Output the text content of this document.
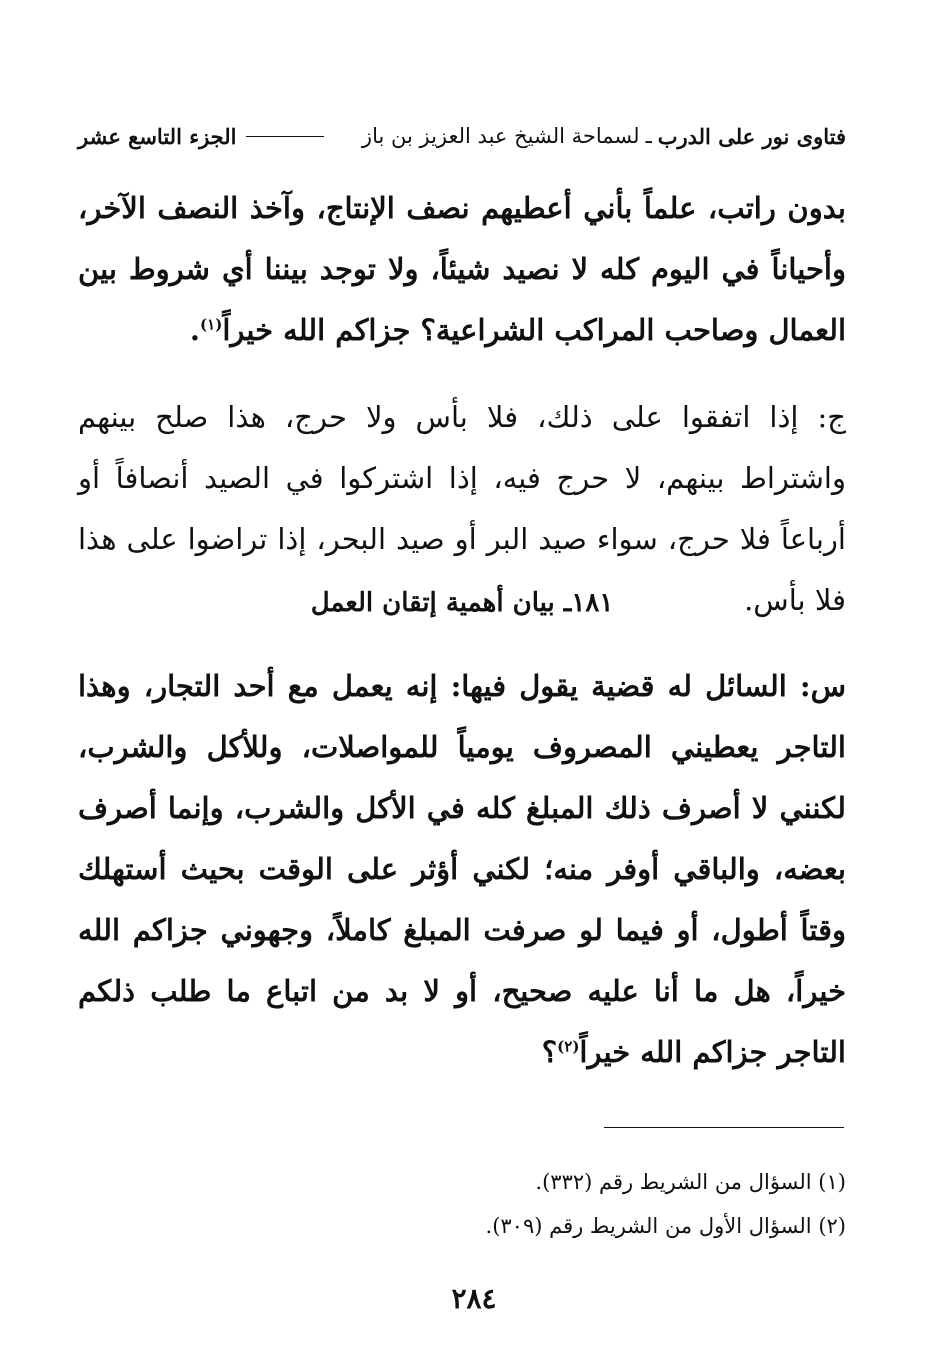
فتاوى نور على الدرب
ـ
لسماحة الشيخ عبد العزيز بن باز
الجزء التاسع عشر
بدون راتب، علماً بأني أعطيهم نصف الإنتاج، وآخذ النصف الآخر، وأحياناً في اليوم كله لا نصيد شيئاً، ولا توجد بيننا أي شروط بين العمال وصاحب المراكب الشراعية؟ جزاكم الله خيراً$^{(١)}$.
ج: إذا اتفقوا على ذلك، فلا بأس ولا حرج، هذا صلح بينهم واشتراط بينهم، لا حرج فيه، إذا اشتركوا في الصيد أنصافاً أو أرباعاً فلا حرج، سواء صيد البر أو صيد البحر، إذا تراضوا على هذا فلا بأس.
١٨١ـ بيان أهمية إتقان العمل
س: السائل له قضية يقول فيها: إنه يعمل مع أحد التجار، وهذا التاجر يعطيني المصروف يومياً للمواصلات، وللأكل والشرب، لكنني لا أصرف ذلك المبلغ كله في الأكل والشرب، وإنما أصرف بعضه، والباقي أوفر منه؛ لكني أؤثر على الوقت بحيث أستهلك وقتاً أطول، أو فيما لو صرفت المبلغ كاملاً، وجهوني جزاكم الله خيراً، هل ما أنا عليه صحيح، أو لا بد من اتباع ما طلب ذلكم التاجر جزاكم الله خيراً$^{(٢)}$؟
(١) السؤال من الشريط رقم (٣٣٢).
(٢) السؤال الأول من الشريط رقم (٣٠٩).
٢٨٤
